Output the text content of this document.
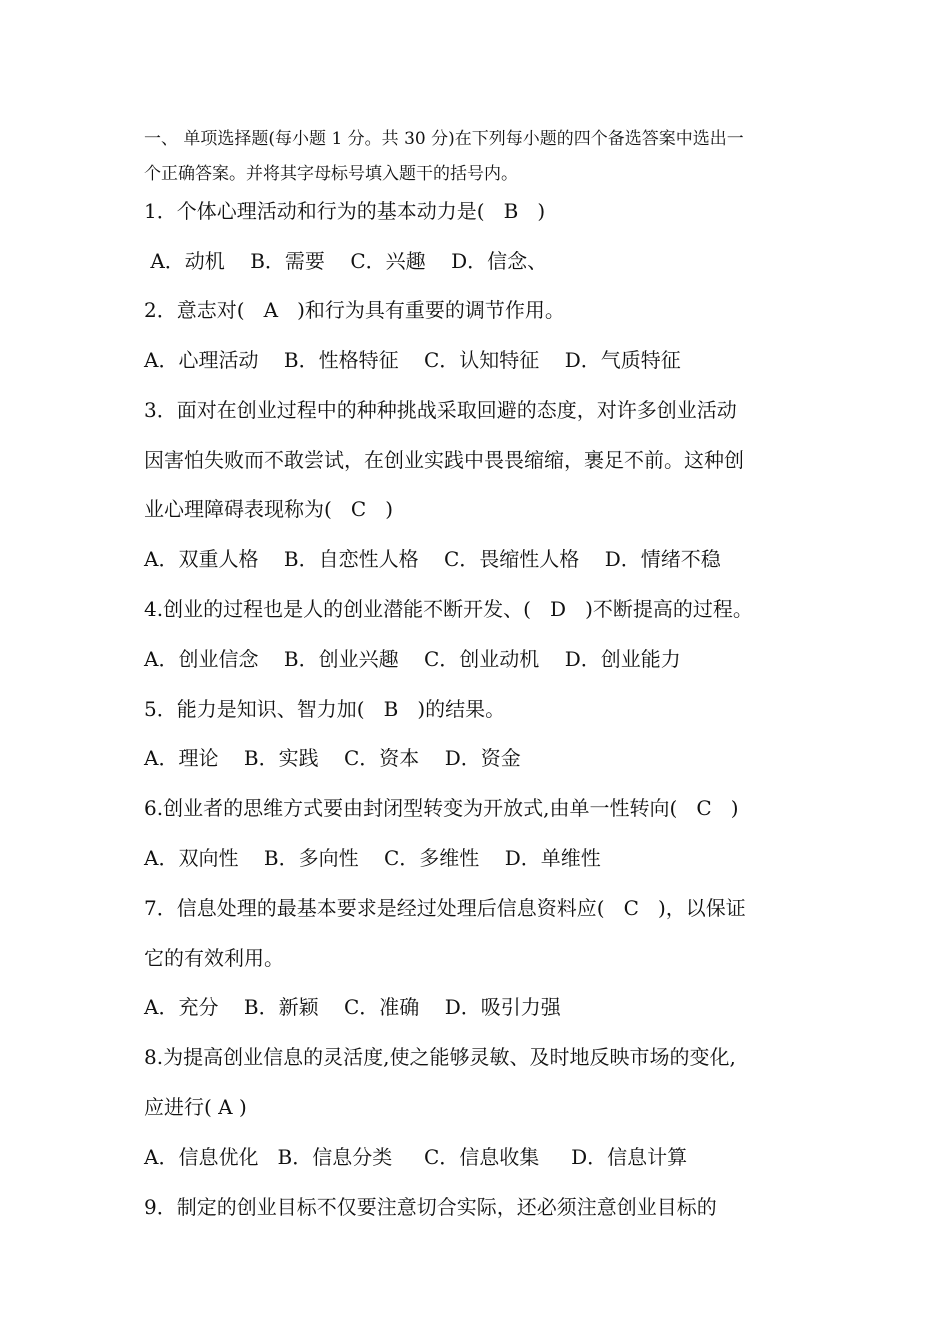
一、 单项选择题(每小题 1 分。共 30 分)在下列每小题的四个备选答案中选出一
个正确答案。并将其字母标号填入题干的括号内。
1．个体心理活动和行为的基本动力是(   B   )
A．动机    B．需要    C．兴趣    D．信念、
2．意志对(   A   )和行为具有重要的调节作用。
A．心理活动    B．性格特征    C．认知特征    D．气质特征
3．面对在创业过程中的种种挑战采取回避的态度，对许多创业活动
因害怕失败而不敢尝试，在创业实践中畏畏缩缩，裹足不前。这种创
业心理障碍表现称为(   C   )
A．双重人格    B．自恋性人格    C．畏缩性人格    D．情绪不稳
4.创业的过程也是人的创业潜能不断开发、(   D   )不断提高的过程。
A．创业信念    B．创业兴趣    C．创业动机    D．创业能力
5．能力是知识、智力加(   B   )的结果。
A．理论    B．实践    C．资本    D．资金
6.创业者的思维方式要由封闭型转变为开放式,由单一性转向(   C   )
A．双向性    B．多向性    C．多维性    D．单维性
7．信息处理的最基本要求是经过处理后信息资料应(   C   )，以保证
它的有效利用。
A．充分    B．新颖    C．准确    D．吸引力强
8.为提高创业信息的灵活度,使之能够灵敏、及时地反映市场的变化,
应进行( A )
A．信息优化   B．信息分类     C．信息收集     D．信息计算
9．制定的创业目标不仅要注意切合实际，还必须注意创业目标的
